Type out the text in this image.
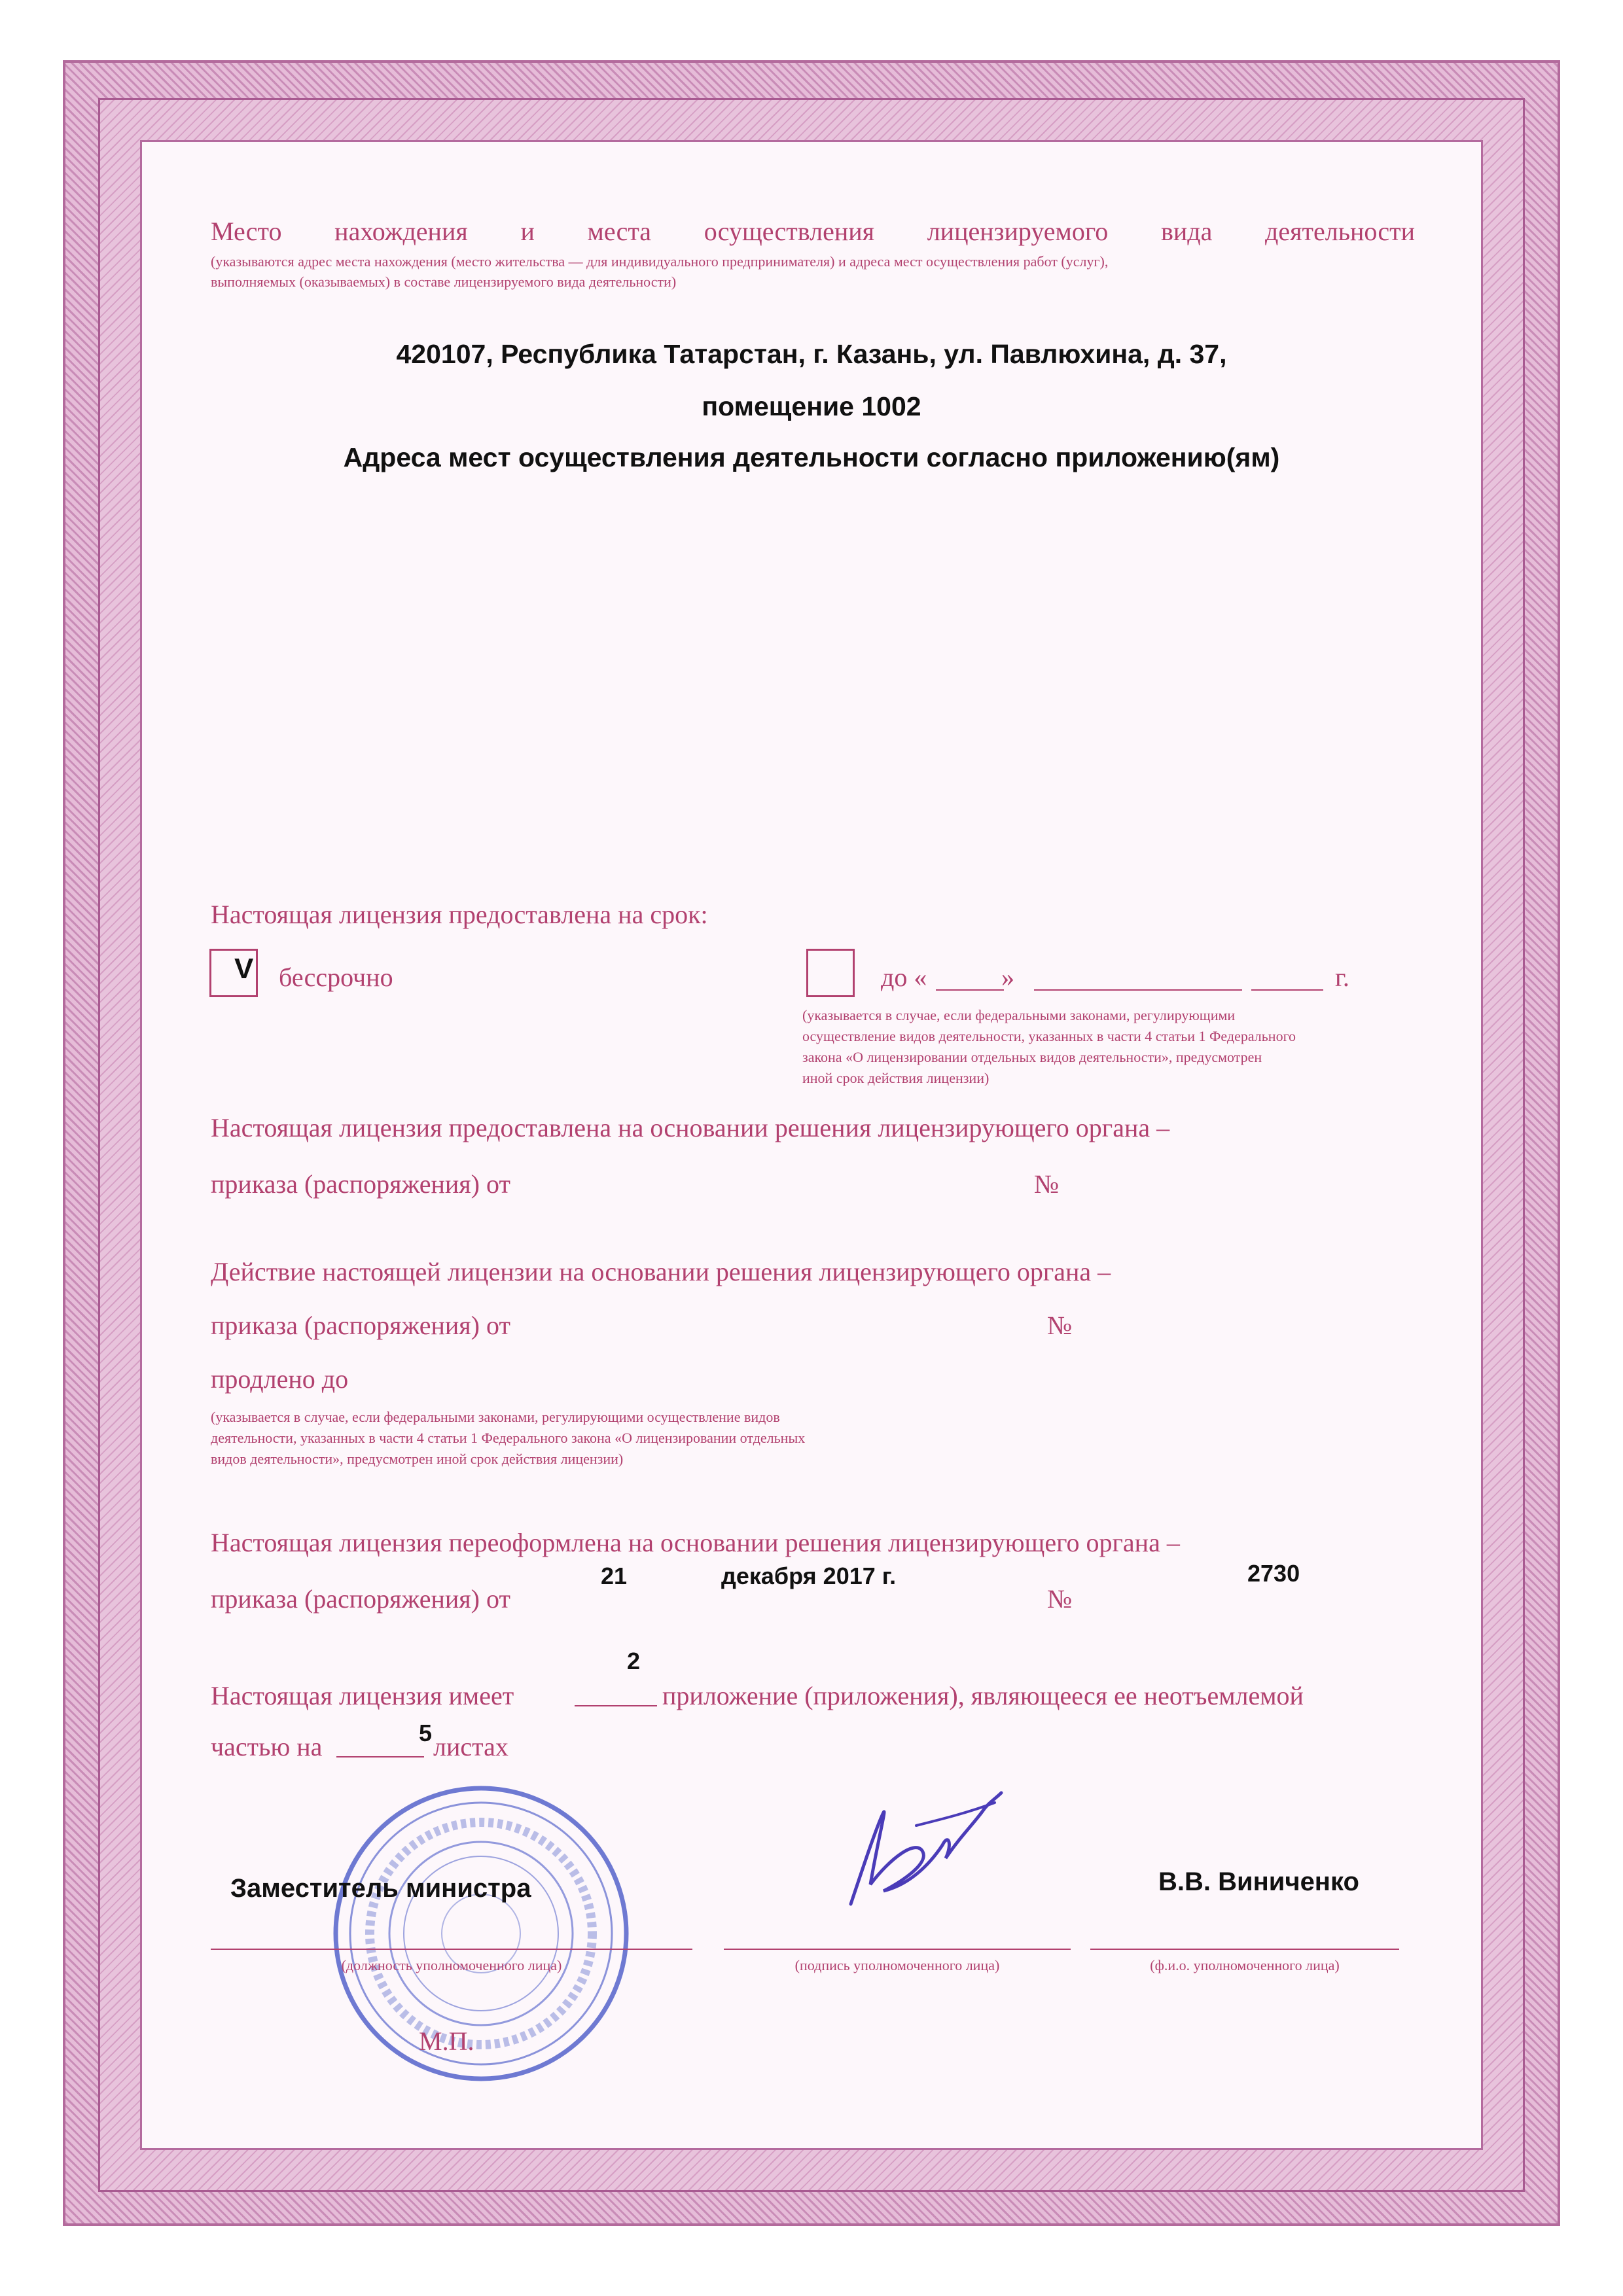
Место нахождения и места осуществления лицензируемого вида деятельности
(указываются адрес места нахождения (место жительства — для индивидуального предпринимателя) и адреса мест осуществления работ (услуг),
выполняемых (оказываемых) в составе лицензируемого вида деятельности)
420107, Республика Татарстан, г. Казань, ул. Павлюхина, д. 37,
помещение 1002
Адреса мест осуществления деятельности согласно приложению(ям)
Настоящая лицензия предоставлена на срок:
V бессрочно	до «	»	г.
(указывается в случае, если федеральными законами, регулирующими
осуществление видов деятельности, указанных в части 4 статьи 1 Федерального
закона «О лицензировании отдельных видов деятельности», предусмотрен
иной срок действия лицензии)
Настоящая лицензия предоставлена на основании решения лицензирующего органа –
приказа (распоряжения) от	№
Действие настоящей лицензии на основании решения лицензирующего органа –
приказа (распоряжения) от	№
продлено до
(указывается в случае, если федеральными законами, регулирующими осуществление видов
деятельности, указанных в части 4 статьи 1 Федерального закона «О лицензировании отдельных
видов деятельности», предусмотрен иной срок действия лицензии)
Настоящая лицензия переоформлена на основании решения лицензирующего органа –
приказа (распоряжения) от
21	декабря 2017 г.
№
2730
2
Настоящая лицензия имеет	приложение (приложения), являющееся ее неотъемлемой
частью на	5 листах
Заместитель министра	В.В. Виниченко
(должность уполномоченного лица)	(подпись уполномоченного лица)	(ф.и.о. уполномоченного лица)
М.П.
